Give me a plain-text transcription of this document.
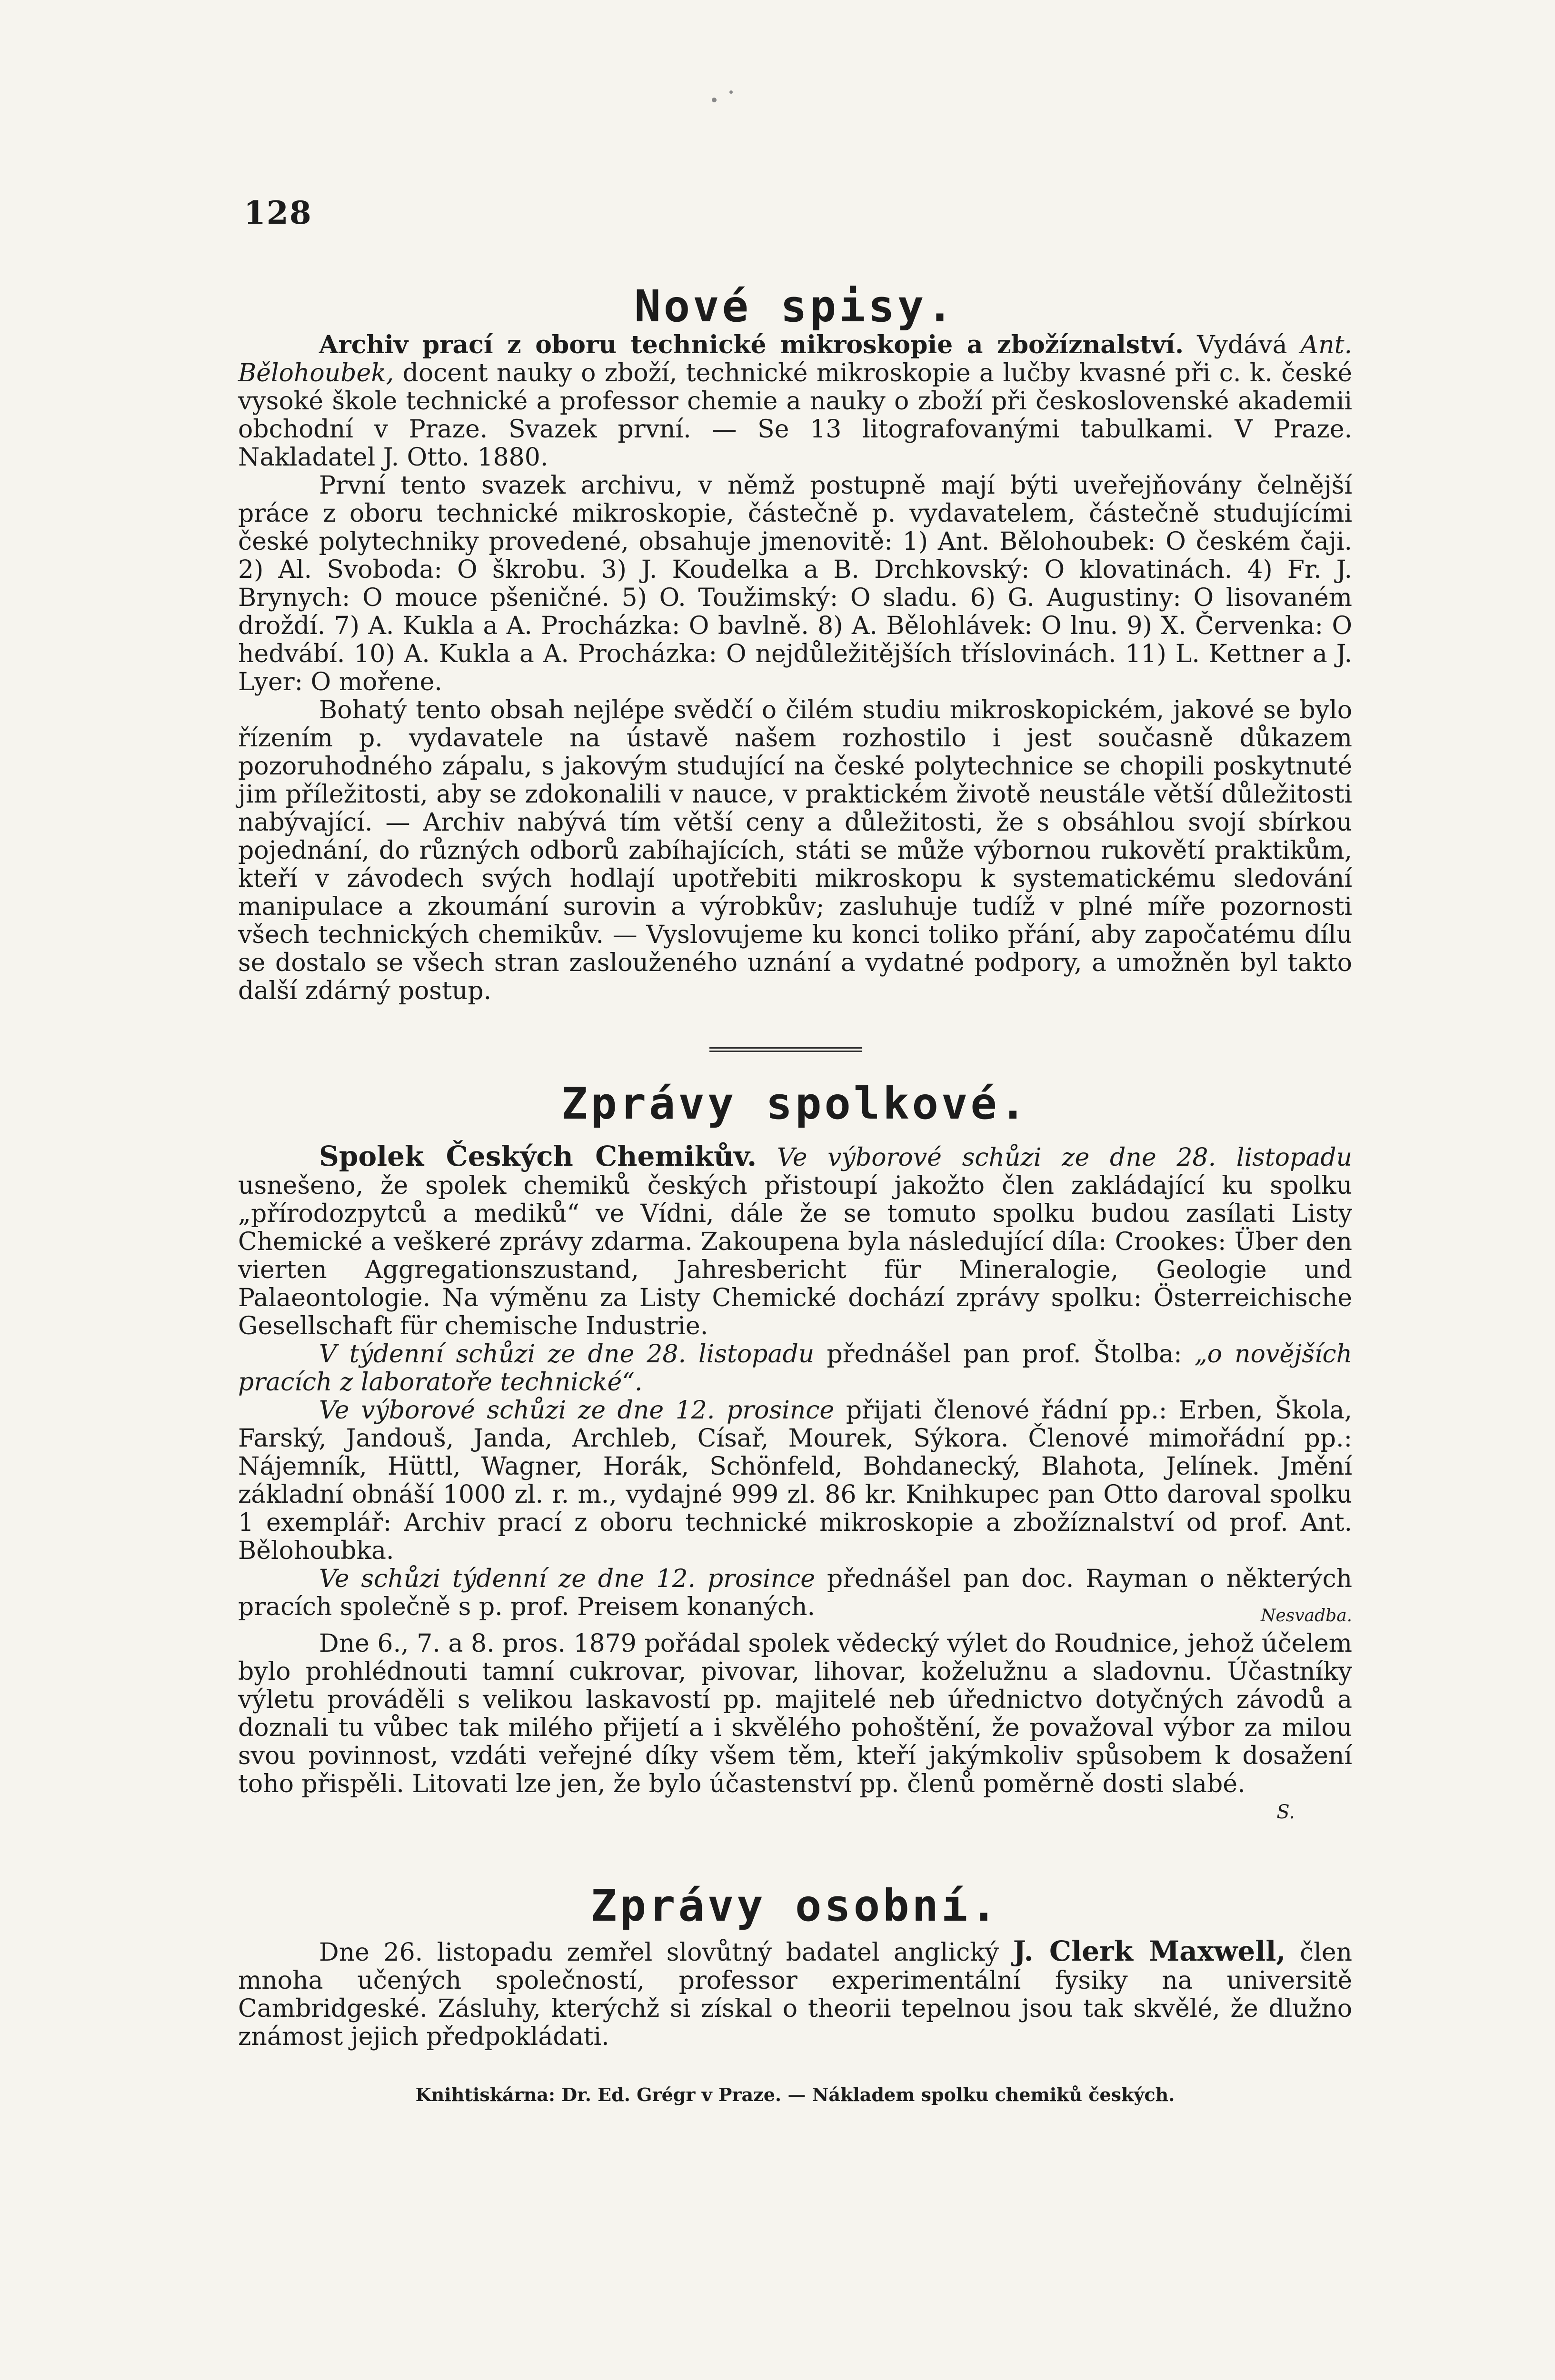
128
Nové spisy.

Archiv prací z oboru technické mikroskopie a zbožíznalství. Vydává Ant. Bělohoubek, docent nauky o zboží, technické mikroskopie a lučby kvasné při c. k. české vysoké škole technické a professor chemie a nauky o zboží při československé akademii obchodní v Praze. Svazek první. — Se 13 litografovanými tabulkami. V Praze. Nakladatel J. Otto. 1880.

První tento svazek archivu, v němž postupně mají býti uveřejňovány čelnější práce z oboru technické mikroskopie, částečně p. vydavatelem, částečně studujícími české polytechniky provedené, obsahuje jmenovitě: 1) Ant. Bělohoubek: O českém čaji. 2) Al. Svoboda: O škrobu. 3) J. Koudelka a B. Drchkovský: O klovatinách. 4) Fr. J. Brynych: O mouce pšeničné. 5) O. Toužimský: O sladu. 6) G. Augustiny: O lisovaném droždí. 7) A. Kukla a A. Procházka: O bavlně. 8) A. Bělohlávek: O lnu. 9) X. Červenka: O hedvábí. 10) A. Kukla a A. Procházka: O nejdůležitějších tříslovinách. 11) L. Kettner a J. Lyer: O mořene.

Bohatý tento obsah nejlépe svědčí o čilém studiu mikroskopickém, jakové se bylo řízením p. vydavatele na ústavě našem rozhostilo i jest současně důkazem pozoruhodného zápalu, s jakovým studující na české polytechnice se chopili poskytnuté jim příležitosti, aby se zdokonalili v nauce, v praktickém životě neustále větší důležitosti nabývající. — Archiv nabývá tím větší ceny a důležitosti, že s obsáhlou svojí sbírkou pojednání, do různých odborů zabíhajících, státi se může výbornou rukovětí praktikům, kteří v závodech svých hodlají upotřebiti mikroskopu k systematickému sledování manipulace a zkoumání surovin a výrobkův; zasluhuje tudíž v plné míře pozornosti všech technických chemikův. — Vyslovujeme ku konci toliko přání, aby započatému dílu se dostalo se všech stran zaslouženého uznání a vydatné podpory, a umožněn byl takto další zdárný postup.

Zprávy spolkové.

Spolek Českých Chemikův. Ve výborové schůzi ze dne 28. listopadu usnešeno, že spolek chemiků českých přistoupí jakožto člen zakládající ku spolku „přírodozpytců a mediků“ ve Vídni, dále že se tomuto spolku budou zasílati Listy Chemické a veškeré zprávy zdarma. Zakoupena byla následující díla: Crookes: Über den vierten Aggregationszustand, Jahresbericht für Mineralogie, Geologie und Palaeontologie. Na výměnu za Listy Chemické dochází zprávy spolku: Österreichische Gesellschaft für chemische Industrie.

V týdenní schůzi ze dne 28. listopadu přednášel pan prof. Štolba: „o novějších pracích z laboratoře technické“.

Ve výborové schůzi ze dne 12. prosince přijati členové řádní pp.: Erben, Škola, Farský, Jandouš, Janda, Archleb, Císař, Mourek, Sýkora. Členové mimořádní pp.: Nájemník, Hüttl, Wagner, Horák, Schönfeld, Bohdanecký, Blahota, Jelínek. Jmění základní obnáší 1000 zl. r. m., vydajné 999 zl. 86 kr. Knihkupec pan Otto daroval spolku 1 exemplář: Archiv prací z oboru technické mikroskopie a zbožíznalství od prof. Ant. Bělohoubka.

Ve schůzi týdenní ze dne 12. prosince přednášel pan doc. Rayman o některých pracích společně s p. prof. Preisem konaných.	Nesvadba.

Dne 6., 7. a 8. pros. 1879 pořádal spolek vědecký výlet do Roudnice, jehož účelem bylo prohlédnouti tamní cukrovar, pivovar, lihovar, koželužnu a sladovnu. Účastníky výletu prováděli s velikou laskavostí pp. majitelé neb úřednictvo dotyčných závodů a doznali tu vůbec tak milého přijetí a i skvělého pohoštění, že považoval výbor za milou svou povinnost, vzdáti veřejné díky všem těm, kteří jakýmkoliv spůsobem k dosažení toho přispěli. Litovati lze jen, že bylo účastenství pp. členů poměrně dosti slabé.
S.

Zprávy osobní.

Dne 26. listopadu zemřel slovůtný badatel anglický J. Clerk Maxwell, člen mnoha učených společností, professor experimentální fysiky na universitě Cambridgeské. Zásluhy, kterýchž si získal o theorii tepelnou jsou tak skvělé, že dlužno známost jejich předpokládati.

Knihtiskárna: Dr. Ed. Grégr v Praze. — Nákladem spolku chemiků českých.
